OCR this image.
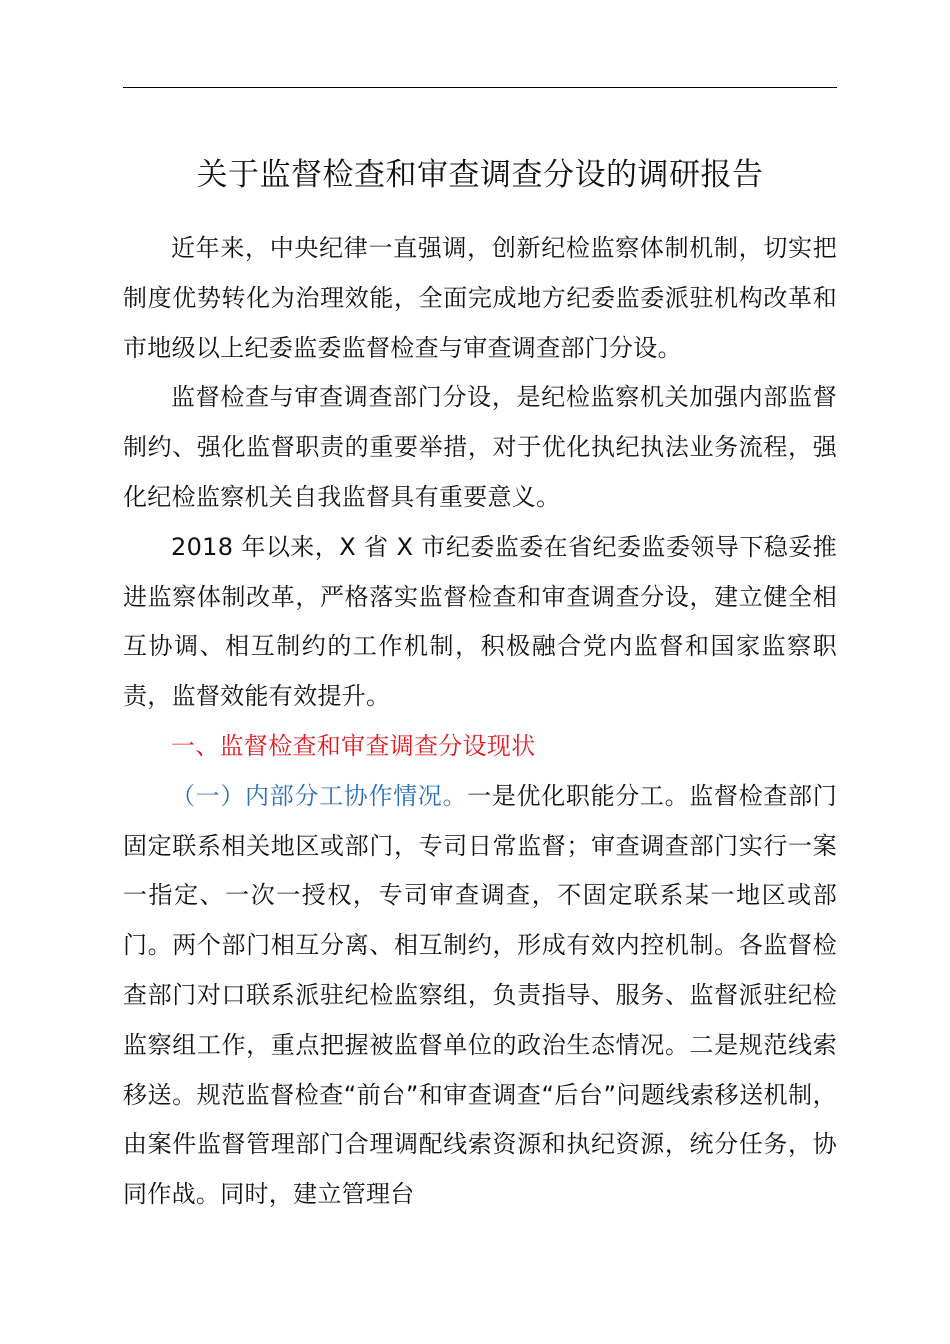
关于监督检查和审查调查分设的调研报告

近年来，中央纪律一直强调，创新纪检监察体制机制，切实把制度优势转化为治理效能，全面完成地方纪委监委派驻机构改革和市地级以上纪委监委监督检查与审查调查部门分设。

监督检查与审查调查部门分设，是纪检监察机关加强内部监督制约、强化监督职责的重要举措，对于优化执纪执法业务流程，强化纪检监察机关自我监督具有重要意义。

2018 年以来，X 省 X 市纪委监委在省纪委监委领导下稳妥推进监察体制改革，严格落实监督检查和审查调查分设，建立健全相互协调、相互制约的工作机制，积极融合党内监督和国家监察职责，监督效能有效提升。

一、监督检查和审查调查分设现状

（一）内部分工协作情况。一是优化职能分工。监督检查部门固定联系相关地区或部门，专司日常监督；审查调查部门实行一案一指定、一次一授权，专司审查调查，不固定联系某一地区或部门。两个部门相互分离、相互制约，形成有效内控机制。各监督检查部门对口联系派驻纪检监察组，负责指导、服务、监督派驻纪检监察组工作，重点把握被监督单位的政治生态情况。二是规范线索移送。规范监督检查“前台”和审查调查“后台”问题线索移送机制，由案件监督管理部门合理调配线索资源和执纪资源，统分任务，协同作战。同时，建立管理台
